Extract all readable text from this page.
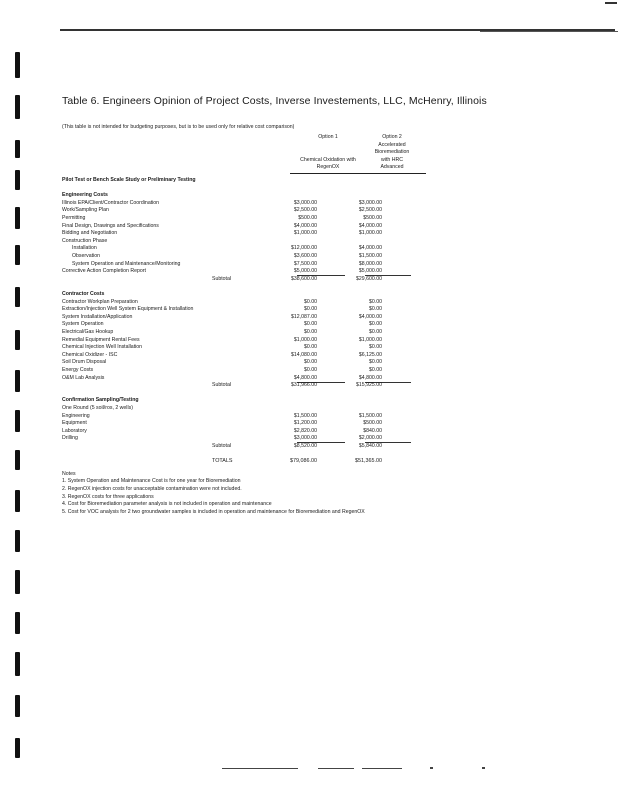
Table 6. Engineers Opinion of Project Costs, Inverse Investements, LLC, McHenry, Illinois
(This table is not intended for budgeting purposes, but is to be used only for relative cost comparison)
Option 1

Chemical Oxidation with
RegenOX
Option 2
Accelerated
Bioremediation
with HRC
Advanced
Pilot Test or Bench Scale Study or Preliminary Testing
Engineering Costs
Illinois EPA/Client/Contractor Coordination	$3,000.00	$3,000.00
Work/Sampling Plan	$2,500.00	$2,500.00
Permitting	$500.00	$500.00
Final Design, Drawings and Specifications	$4,000.00	$4,000.00
Bidding and Negotiation	$1,000.00	$1,000.00
Construction Phase
Installation	$12,000.00	$4,000.00
Observation	$3,600.00	$1,500.00
System Operation and Maintenance/Monitoring	$7,500.00	$8,000.00
Corrective Action Completion Report	$5,000.00	$5,000.00
Subtotal	$38,600.00	$29,600.00
Contractor Costs
Contractor Workplan Preparation	$0.00	$0.00
Extraction/Injection Well System Equipment & Installation	$0.00	$0.00
System Installation/Application	$12,087.00	$4,000.00
System Operation	$0.00	$0.00
Electrical/Gas Hookup	$0.00	$0.00
Remedial Equipment Rental Fees	$1,000.00	$1,000.00
Chemical Injection Well Installation	$0.00	$0.00
Chemical Oxidizer - ISC	$14,080.00	$6,125.00
Soil Drum Disposal	$0.00	$0.00
Energy Costs	$0.00	$0.00
O&M Lab Analysis	$4,800.00	$4,800.00
Subtotal	$31,966.00	$15,925.00
Confirmation Sampling/Testing
One Round (5 soil/ros, 2 wells)
Engineering	$1,500.00	$1,500.00
Equipment	$1,200.00	$500.00
Laboratory	$2,820.00	$840.00
Drilling	$3,000.00	$2,000.00
Subtotal	$8,520.00	$5,840.00
TOTALS	$79,086.00	$51,365.00
Notes
1. System Operation and Maintenance Cost is for one year for Bioremediation
2. RegenOX injection costs for unacceptable contamination were not included.
3. RegenOX costs for three applications
4. Cost for Bioremediation parameter analysis is not included in operation and maintenance
5. Cost for VOC analysis for 2 two groundwater samples is included in operation and maintenance for Bioremediation and RegenOX
